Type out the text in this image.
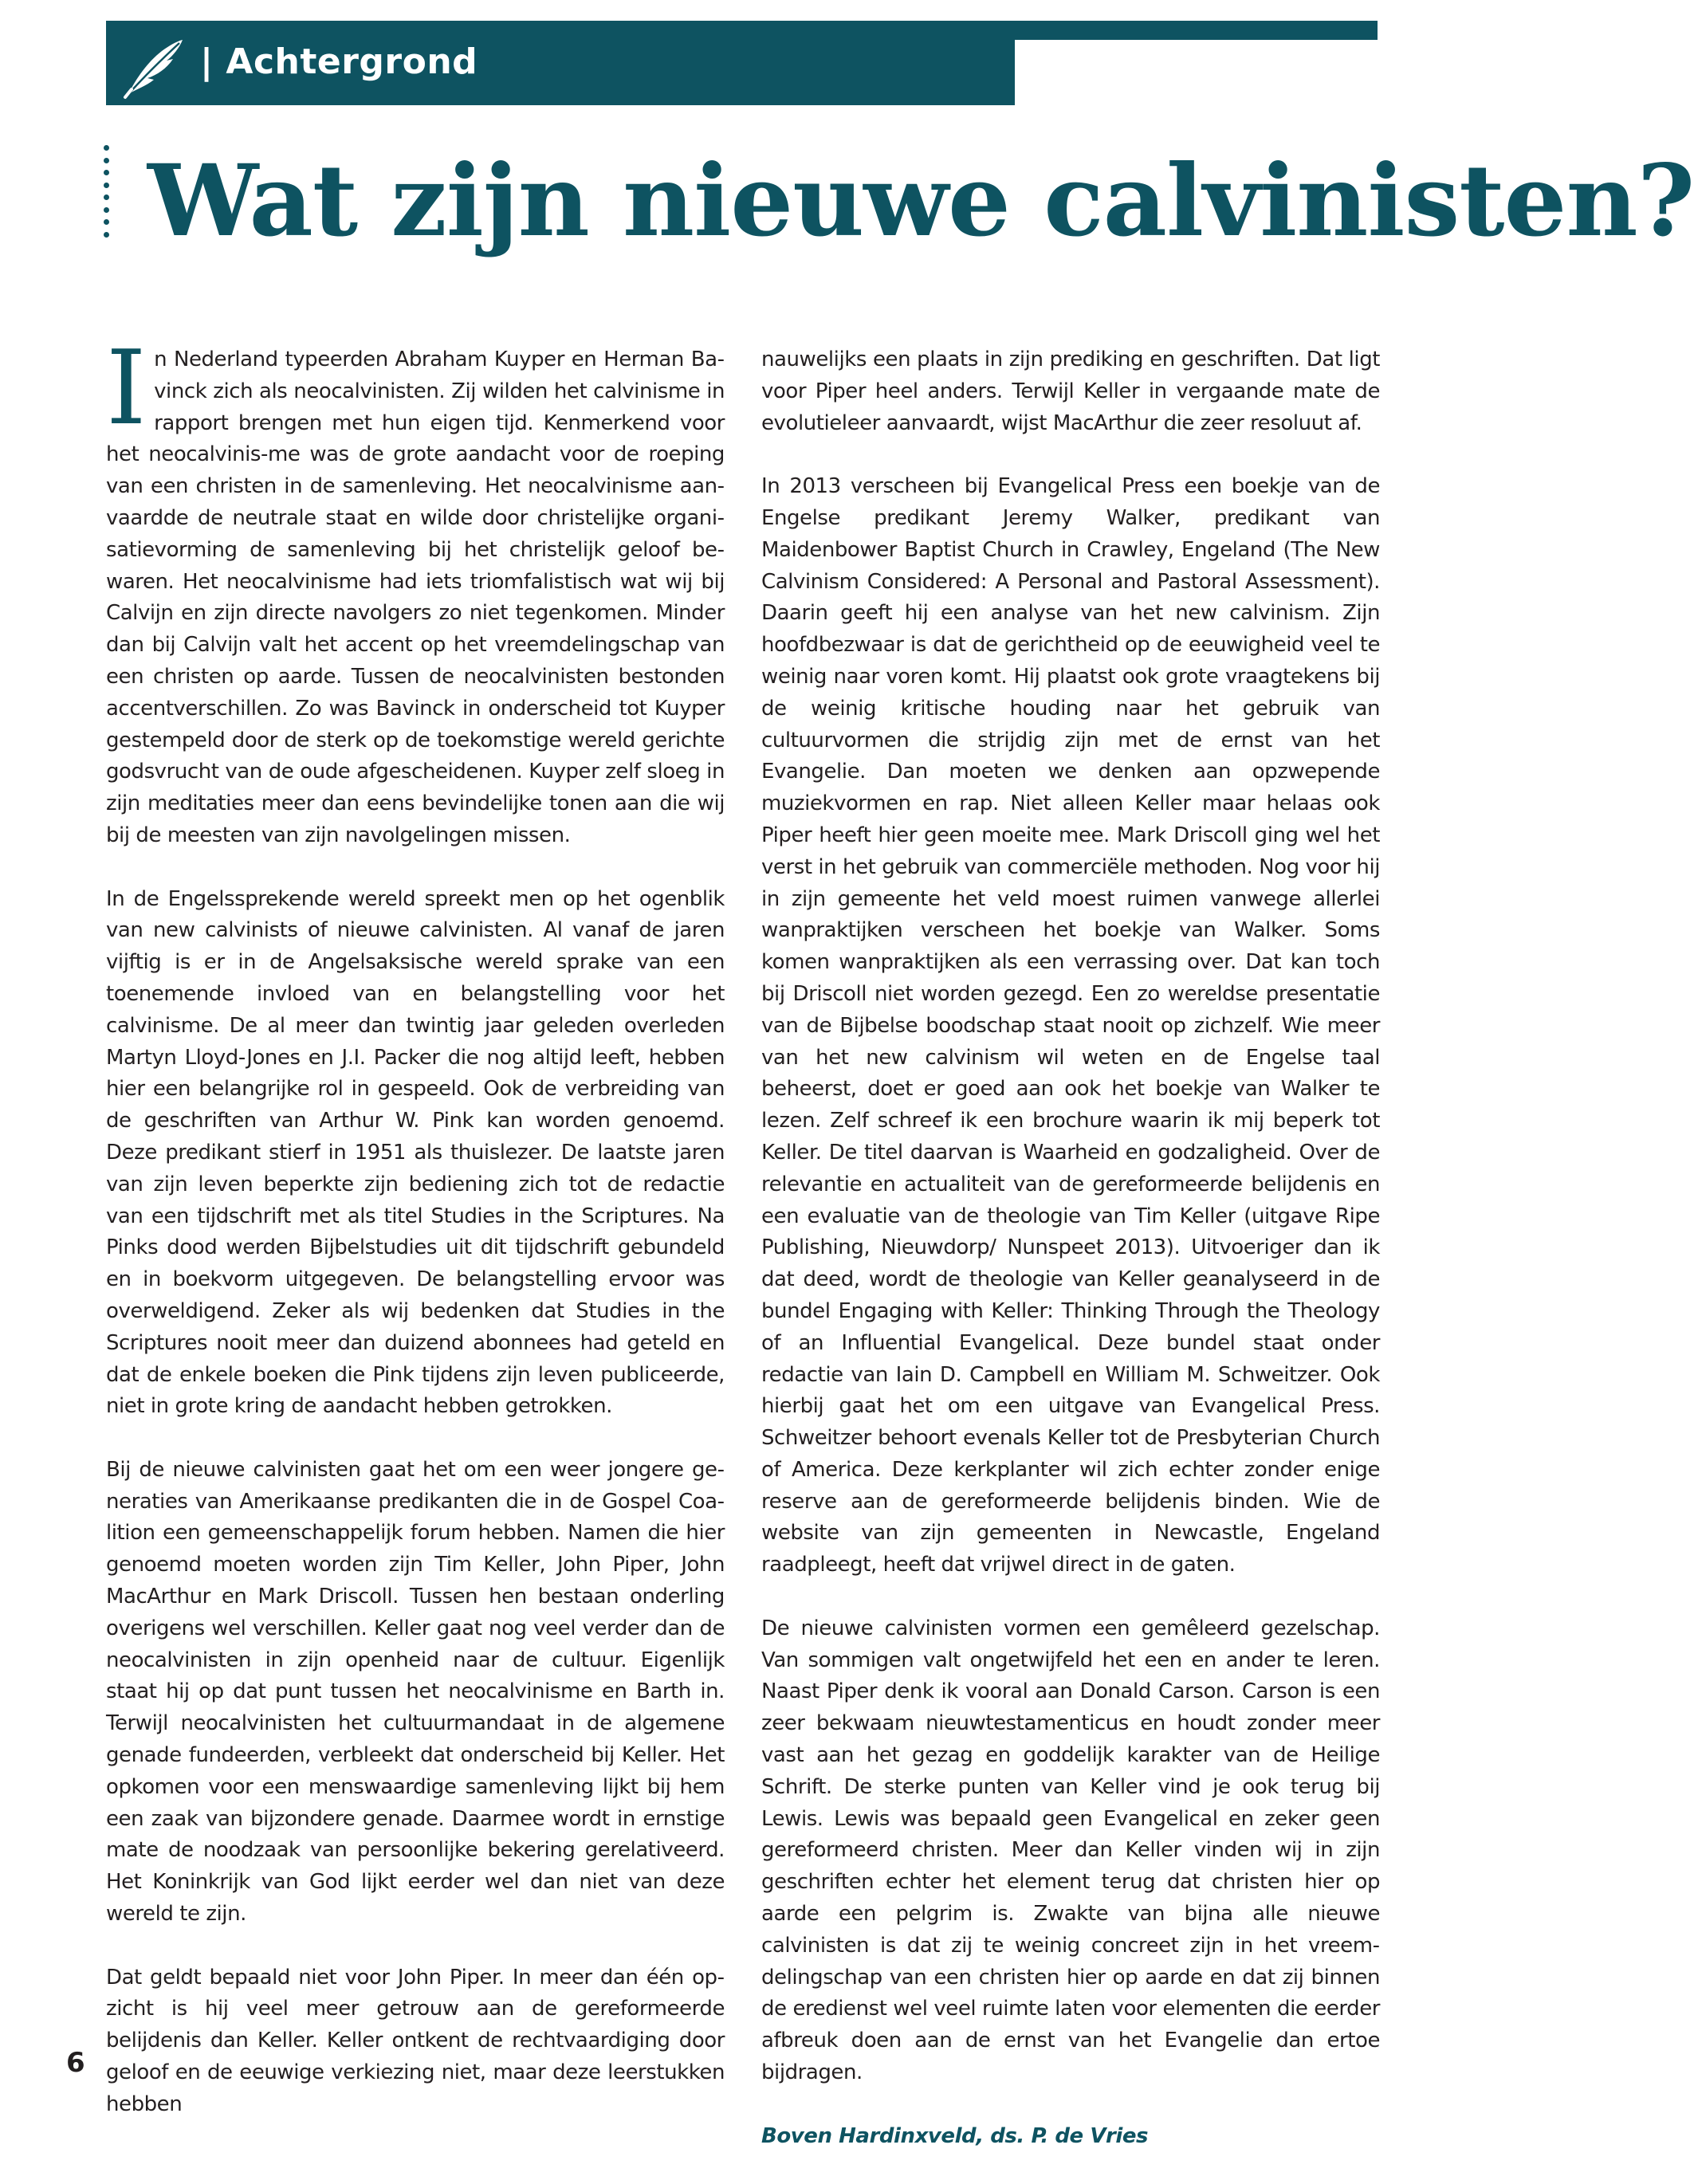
| Achtergrond
Wat zijn nieuwe calvinisten?

In Nederland typeerden Abraham Kuyper en Herman Bavinck zich als neocalvinisten. Zij wilden het calvinisme in rapport brengen met hun eigen tijd. Kenmerkend voor het neocalvinis-me was de grote aandacht voor de roeping van een christen in de samenleving. Het neocalvinisme aanvaardde de neutrale staat en wilde door christelijke organisatievorming de samenleving bij het christelijk geloof bewaren. Het neocalvinisme had iets triomfalistisch wat wij bij Calvijn en zijn directe navolgers zo niet tegenkomen. Minder dan bij Calvijn valt het accent op het vreemdelingschap van een christen op aarde. Tussen de neocalvinisten bestonden accentverschillen. Zo was Bavinck in onderscheid tot Kuyper gestempeld door de sterk op de toekomstige wereld gerichte godsvrucht van de oude afgescheidenen. Kuyper zelf sloeg in zijn meditaties meer dan eens bevindelijke tonen aan die wij bij de meesten van zijn navolgelingen missen.

In de Engelssprekende wereld spreekt men op het ogenblik van new calvinists of nieuwe calvinisten. Al vanaf de jaren vijftig is er in de Angelsaksische wereld sprake van een toenemende invloed van en belangstelling voor het calvinisme. De al meer dan twintig jaar geleden overleden Martyn Lloyd-Jones en J.I. Packer die nog altijd leeft, hebben hier een belangrijke rol in gespeeld. Ook de verbreiding van de geschriften van Arthur W. Pink kan worden genoemd. Deze predikant stierf in 1951 als thuislezer. De laatste jaren van zijn leven beperkte zijn bediening zich tot de redactie van een tijdschrift met als titel Studies in the Scriptures. Na Pinks dood werden Bijbelstudies uit dit tijdschrift gebundeld en in boekvorm uitgegeven. De belangstelling ervoor was overweldigend. Zeker als wij bedenken dat Studies in the Scriptures nooit meer dan duizend abonnees had geteld en dat de enkele boeken die Pink tijdens zijn leven publiceerde, niet in grote kring de aandacht hebben getrokken.

Bij de nieuwe calvinisten gaat het om een weer jongere generaties van Amerikaanse predikanten die in de Gospel Coalition een gemeenschappelijk forum hebben. Namen die hier genoemd moeten worden zijn Tim Keller, John Piper, John MacArthur en Mark Driscoll. Tussen hen bestaan onderling overigens wel verschillen. Keller gaat nog veel verder dan de neocalvinisten in zijn openheid naar de cultuur. Eigenlijk staat hij op dat punt tussen het neocalvinisme en Barth in. Terwijl neocalvinisten het cultuurmandaat in de algemene genade fundeerden, verbleekt dat onderscheid bij Keller. Het opkomen voor een menswaardige samenleving lijkt bij hem een zaak van bijzondere genade. Daarmee wordt in ernstige mate de noodzaak van persoonlijke bekering gerelativeerd. Het Koninkrijk van God lijkt eerder wel dan niet van deze wereld te zijn.

Dat geldt bepaald niet voor John Piper. In meer dan één opzicht is hij veel meer getrouw aan de gereformeerde belijdenis dan Keller. Keller ontkent de rechtvaardiging door geloof en de eeuwige verkiezing niet, maar deze leerstukken hebben

nauwelijks een plaats in zijn prediking en geschriften. Dat ligt voor Piper heel anders. Terwijl Keller in vergaande mate de evolutieleer aanvaardt, wijst MacArthur die zeer resoluut af.

In 2013 verscheen bij Evangelical Press een boekje van de Engelse predikant Jeremy Walker, predikant van Maidenbower Baptist Church in Crawley, Engeland (The New Calvinism Considered: A Personal and Pastoral Assessment). Daarin geeft hij een analyse van het new calvinism. Zijn hoofdbezwaar is dat de gerichtheid op de eeuwigheid veel te weinig naar voren komt. Hij plaatst ook grote vraagtekens bij de weinig kritische houding naar het gebruik van cultuurvormen die strijdig zijn met de ernst van het Evangelie. Dan moeten we denken aan opzwepende muziekvormen en rap. Niet alleen Keller maar helaas ook Piper heeft hier geen moeite mee. Mark Driscoll ging wel het verst in het gebruik van commerciële methoden. Nog voor hij in zijn gemeente het veld moest ruimen vanwege allerlei wanpraktijken verscheen het boekje van Walker. Soms komen wanpraktijken als een verrassing over. Dat kan toch bij Driscoll niet worden gezegd. Een zo wereldse presentatie van de Bijbelse boodschap staat nooit op zichzelf. Wie meer van het new calvinism wil weten en de Engelse taal beheerst, doet er goed aan ook het boekje van Walker te lezen. Zelf schreef ik een brochure waarin ik mij beperk tot Keller. De titel daarvan is Waarheid en godzaligheid. Over de relevantie en actualiteit van de gereformeerde belijdenis en een evaluatie van de theologie van Tim Keller (uitgave Ripe Publishing, Nieuwdorp/ Nunspeet 2013). Uitvoeriger dan ik dat deed, wordt de theologie van Keller geanalyseerd in de bundel Engaging with Keller: Thinking Through the Theology of an Influential Evangelical. Deze bundel staat onder redactie van Iain D. Campbell en William M. Schweitzer. Ook hierbij gaat het om een uitgave van Evangelical Press. Schweitzer behoort evenals Keller tot de Presbyterian Church of America. Deze kerkplanter wil zich echter zonder enige reserve aan de gereformeerde belijdenis binden. Wie de website van zijn gemeenten in Newcastle, Engeland raadpleegt, heeft dat vrijwel direct in de gaten.

De nieuwe calvinisten vormen een gemêleerd gezelschap. Van sommigen valt ongetwijfeld het een en ander te leren. Naast Piper denk ik vooral aan Donald Carson. Carson is een zeer bekwaam nieuwtestamenticus en houdt zonder meer vast aan het gezag en goddelijk karakter van de Heilige Schrift. De sterke punten van Keller vind je ook terug bij Lewis. Lewis was bepaald geen Evangelical en zeker geen gereformeerd christen. Meer dan Keller vinden wij in zijn geschriften echter het element terug dat christen hier op aarde een pelgrim is. Zwakte van bijna alle nieuwe calvinisten is dat zij te weinig concreet zijn in het vreemdelingschap van een christen hier op aarde en dat zij binnen de eredienst wel veel ruimte laten voor elementen die eerder afbreuk doen aan de ernst van het Evangelie dan ertoe bijdragen.

Boven Hardinxveld, ds. P. de Vries

6
